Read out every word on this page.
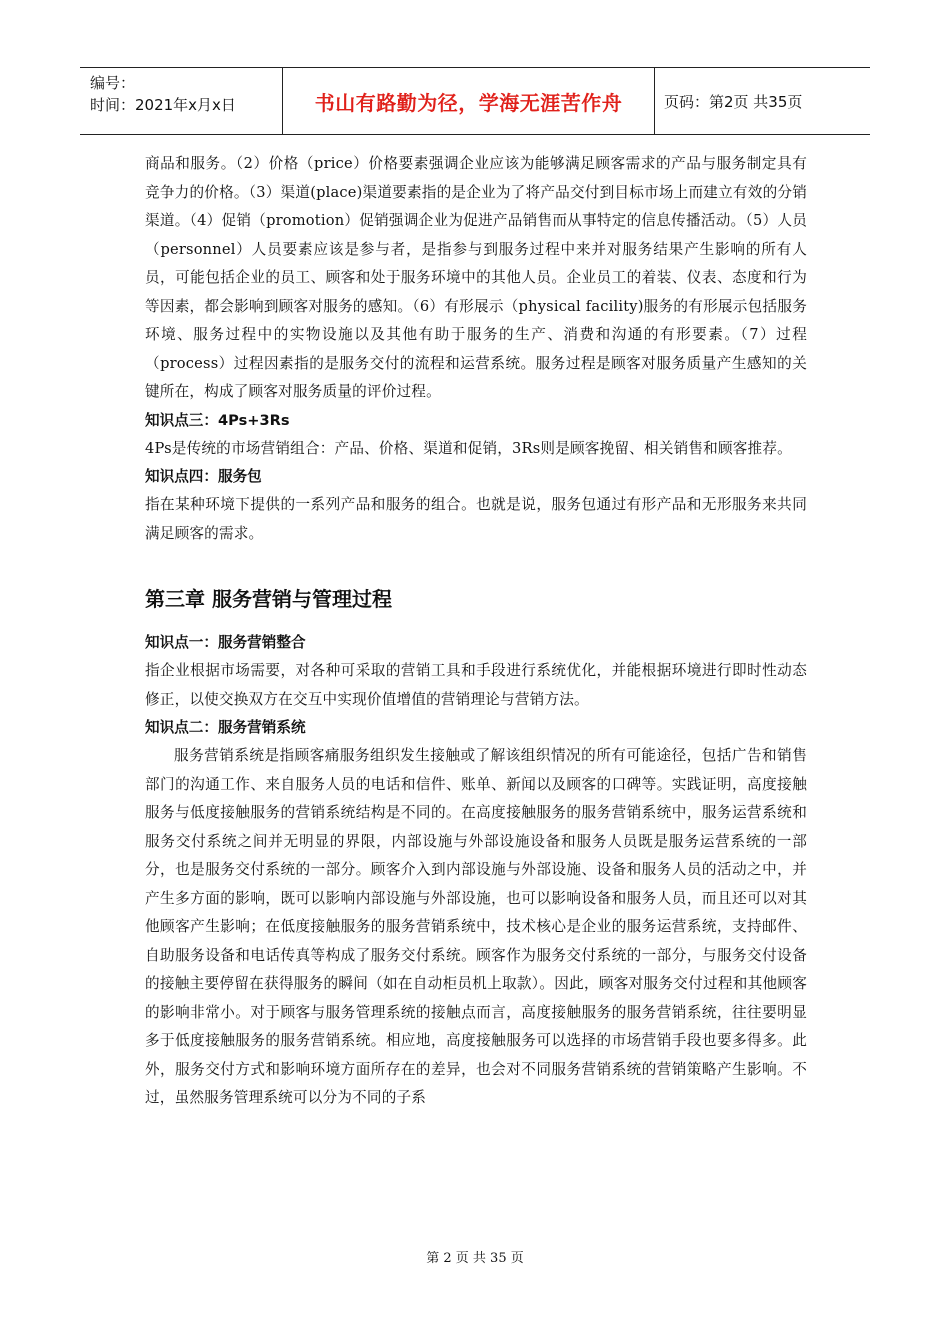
编号：
时间：2021年x月x日	书山有路勤为径，学海无涯苦作舟	页码：第2页 共35页

商品和服务。（2）价格（price）价格要素强调企业应该为能够满足顾客需求的产品与服务制定具有竞争力的价格。（3）渠道(place)渠道要素指的是企业为了将产品交付到目标市场上而建立有效的分销渠道。（4）促销（promotion）促销强调企业为促进产品销售而从事特定的信息传播活动。（5）人员（personnel）人员要素应该是参与者，是指参与到服务过程中来并对服务结果产生影响的所有人员，可能包括企业的员工、顾客和处于服务环境中的其他人员。企业员工的着装、仪表、态度和行为等因素，都会影响到顾客对服务的感知。（6）有形展示（physical facility)服务的有形展示包括服务环境、服务过程中的实物设施以及其他有助于服务的生产、消费和沟通的有形要素。（7）过程（process）过程因素指的是服务交付的流程和运营系统。服务过程是顾客对服务质量产生感知的关键所在，构成了顾客对服务质量的评价过程。

知识点三：4Ps+3Rs

4Ps是传统的市场营销组合：产品、价格、渠道和促销，3Rs则是顾客挽留、相关销售和顾客推荐。

知识点四：服务包

指在某种环境下提供的一系列产品和服务的组合。也就是说，服务包通过有形产品和无形服务来共同满足顾客的需求。

第三章 服务营销与管理过程
知识点一：服务营销整合

指企业根据市场需要，对各种可采取的营销工具和手段进行系统优化，并能根据环境进行即时性动态修正，以使交换双方在交互中实现价值增值的营销理论与营销方法。

知识点二：服务营销系统

服务营销系统是指顾客痛服务组织发生接触或了解该组织情况的所有可能途径，包括广告和销售部门的沟通工作、来自服务人员的电话和信件、账单、新闻以及顾客的口碑等。实践证明，高度接触服务与低度接触服务的营销系统结构是不同的。在高度接触服务的服务营销系统中，服务运营系统和服务交付系统之间并无明显的界限，内部设施与外部设施设备和服务人员既是服务运营系统的一部分，也是服务交付系统的一部分。顾客介入到内部设施与外部设施、设备和服务人员的活动之中，并产生多方面的影响，既可以影响内部设施与外部设施，也可以影响设备和服务人员，而且还可以对其他顾客产生影响；在低度接触服务的服务营销系统中，技术核心是企业的服务运营系统，支持邮件、自助服务设备和电话传真等构成了服务交付系统。顾客作为服务交付系统的一部分，与服务交付设备的接触主要停留在获得服务的瞬间（如在自动柜员机上取款）。因此，顾客对服务交付过程和其他顾客的影响非常小。对于顾客与服务管理系统的接触点而言，高度接触服务的服务营销系统，往往要明显多于低度接触服务的服务营销系统。相应地，高度接触服务可以选择的市场营销手段也要多得多。此外，服务交付方式和影响环境方面所存在的差异，也会对不同服务营销系统的营销策略产生影响。不过，虽然服务管理系统可以分为不同的子系

第 2 页 共 35 页
